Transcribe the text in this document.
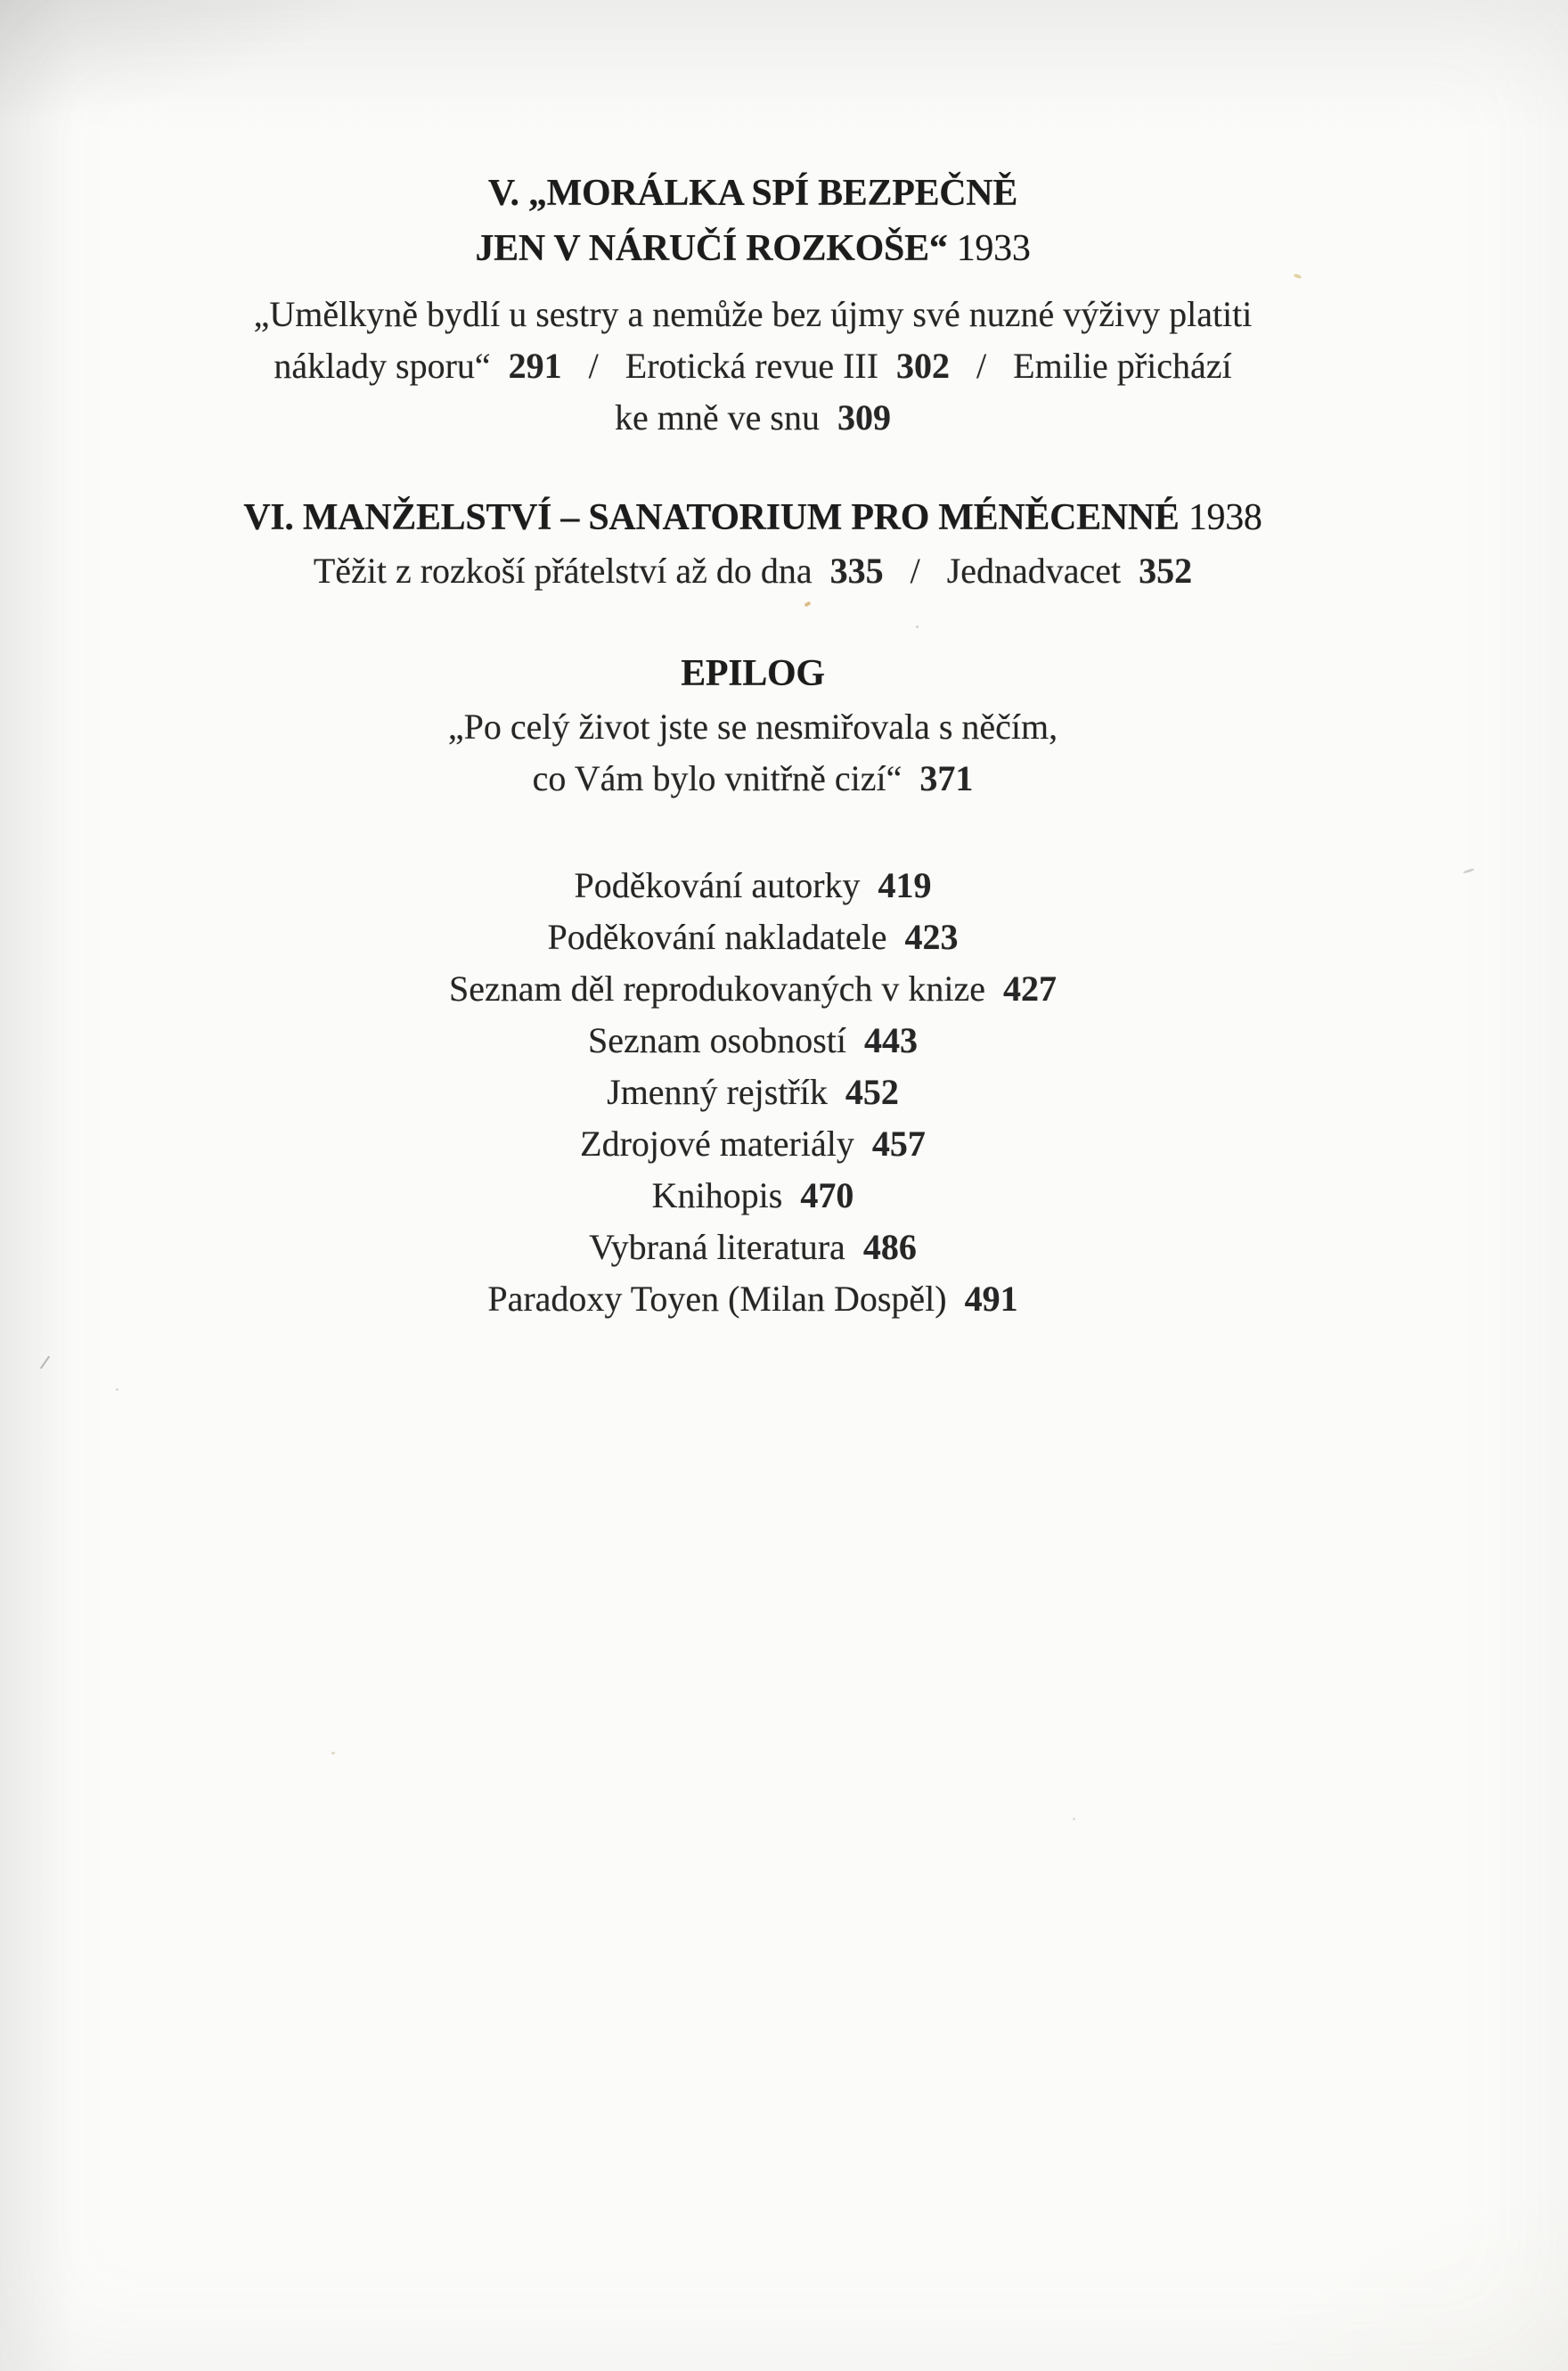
V. „MORÁLKA SPÍ BEZPEČNĚ
JEN V NÁRUČÍ ROZKOŠE“ 1933
„Umělkyně bydlí u sestry a nemůže bez újmy své nuzné výživy platiti
náklady sporu“  291   /   Erotická revue III  302   /   Emilie přichází
ke mně ve snu  309
VI. MANŽELSTVÍ – SANATORIUM PRO MÉNĚCENNÉ 1938
Těžit z rozkoší přátelství až do dna  335   /   Jednadvacet  352
EPILOG
„Po celý život jste se nesmiřovala s něčím,
co Vám bylo vnitřně cizí“  371
Poděkování autorky  419
Poděkování nakladatele  423
Seznam děl reprodukovaných v knize  427
Seznam osobností  443
Jmenný rejstřík  452
Zdrojové materiály  457
Knihopis  470
Vybraná literatura  486
Paradoxy Toyen (Milan Dospěl)  491
